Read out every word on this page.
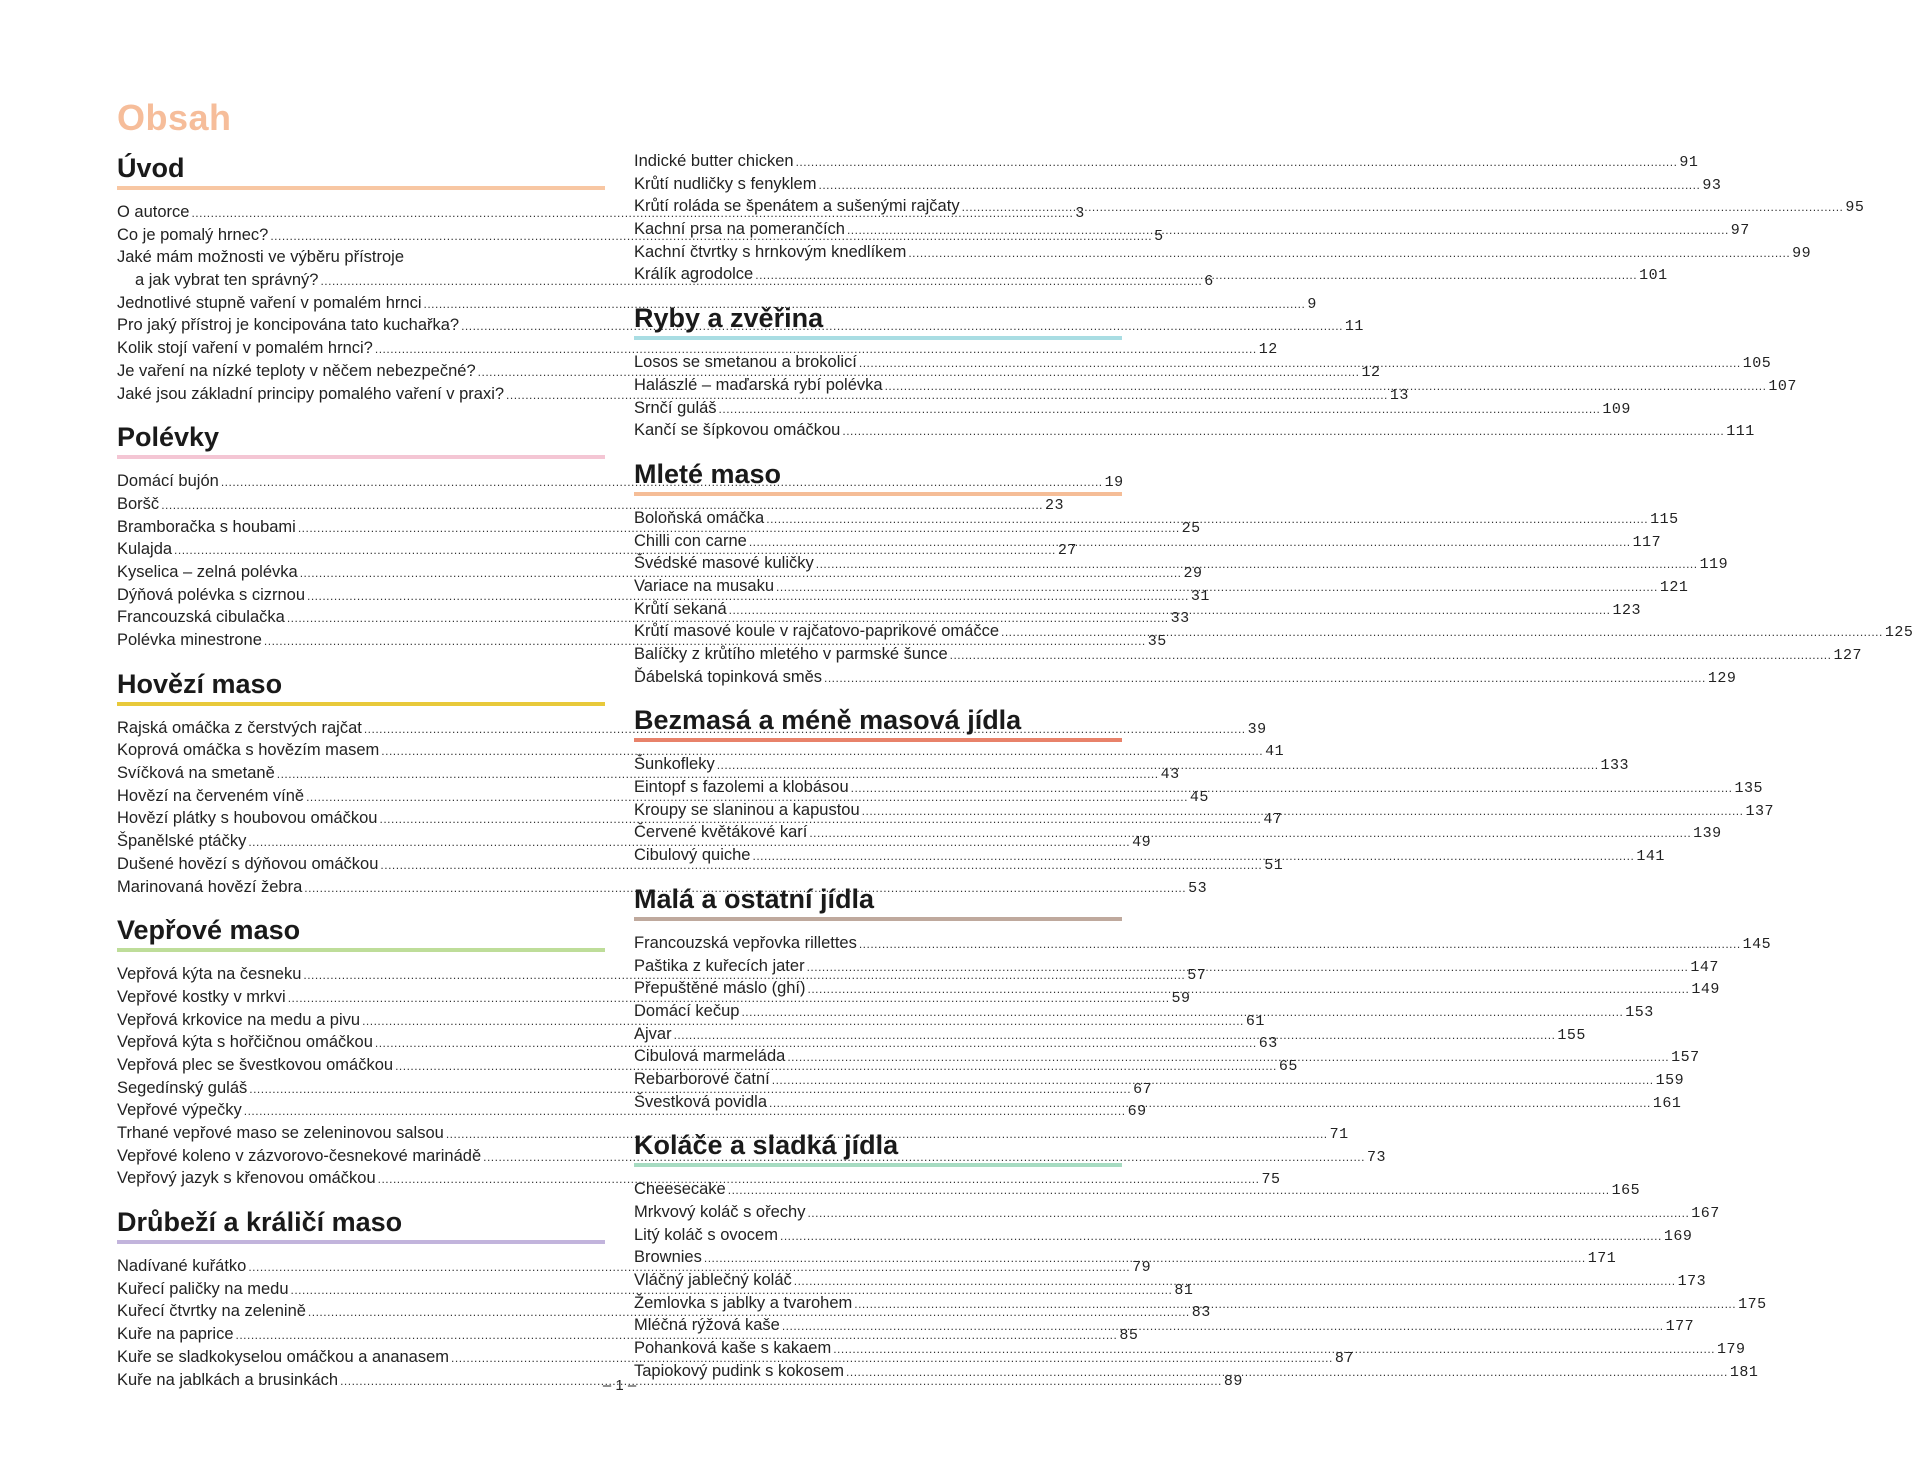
Obsah
Úvod
O autorce .....	3
Co je pomalý hrnec? .....	5
Jaké mám možnosti ve výběru přístroje
a jak vybrat ten správný? .....	6
Jednotlivé stupně vaření v pomalém hrnci .....	9
Pro jaký přístroj je koncipována tato kuchařka? .....	11
Kolik stojí vaření v pomalém hrnci? .....	12
Je vaření na nízké teploty v něčem nebezpečné? .....	12
Jaké jsou základní principy pomalého vaření v praxi? .....	13
Polévky
Domácí bujón .....	19
Boršč .....	23
Bramboračka s houbami .....	25
Kulajda .....	27
Kyselica – zelná polévka .....	29
Dýňová polévka s cizrnou .....	31
Francouzská cibulačka .....	33
Polévka minestrone .....	35
Hovězí maso
Rajská omáčka z čerstvých rajčat .....	39
Koprová omáčka s hovězím masem .....	41
Svíčková na smetaně .....	43
Hovězí na červeném víně .....	45
Hovězí plátky s houbovou omáčkou .....	47
Španělské ptáčky .....	49
Dušené hovězí s dýňovou omáčkou .....	51
Marinovaná hovězí žebra .....	53
Vepřové maso
Vepřová kýta na česneku .....	57
Vepřové kostky v mrkvi .....	59
Vepřová krkovice na medu a pivu .....	61
Vepřová kýta s hořčičnou omáčkou .....	63
Vepřová plec se švestkovou omáčkou .....	65
Segedínský guláš .....	67
Vepřové výpečky .....	69
Trhané vepřové maso se zeleninovou salsou .....	71
Vepřové koleno v zázvorovo-česnekové marinádě .....	73
Vepřový jazyk s křenovou omáčkou .....	75
Drůbeží a králičí maso
Nadívané kuřátko .....	79
Kuřecí paličky na medu .....	81
Kuřecí čtvrtky na zelenině .....	83
Kuře na paprice .....	85
Kuře se sladkokyselou omáčkou a ananasem .....	87
Kuře na jablkách a brusinkách .....	89
Indické butter chicken .....	91
Krůtí nudličky s fenyklem .....	93
Krůtí roláda se špenátem a sušenými rajčaty .....	95
Kachní prsa na pomerančích .....	97
Kachní čtvrtky s hrnkovým knedlíkem .....	99
Králík agrodolce .....	101
Ryby a zvěřina
Losos se smetanou a brokolicí .....	105
Halászlé – maďarská rybí polévka .....	107
Srnčí guláš .....	109
Kančí se šípkovou omáčkou .....	111
Mleté maso
Boloňská omáčka .....	115
Chilli con carne .....	117
Švédské masové kuličky .....	119
Variace na musaku .....	121
Krůtí sekaná .....	123
Krůtí masové koule v rajčatovo-paprikové omáčce .....	125
Balíčky z krůtího mletého v parmské šunce .....	127
Ďábelská topinková směs .....	129
Bezmasá a méně masová jídla
Šunkofleky .....	133
Eintopf s fazolemi a klobásou .....	135
Kroupy se slaninou a kapustou .....	137
Červené květákové karí .....	139
Cibulový quiche .....	141
Malá a ostatní jídla
Francouzská vepřovka rillettes .....	145
Paštika z kuřecích jater .....	147
Přepuštěné máslo (ghí) .....	149
Domácí kečup .....	153
Ajvar .....	155
Cibulová marmeláda .....	157
Rebarborové čatní .....	159
Švestková povidla .....	161
Koláče a sladká jídla
Cheesecake .....	165
Mrkvový koláč s ořechy .....	167
Litý koláč s ovocem .....	169
Brownies .....	171
Vláčný jablečný koláč .....	173
Žemlovka s jablky a tvarohem .....	175
Mléčná rýžová kaše .....	177
Pohanková kaše s kakaem .....	179
Tapiokový pudink s kokosem .....	181
– 1 –
